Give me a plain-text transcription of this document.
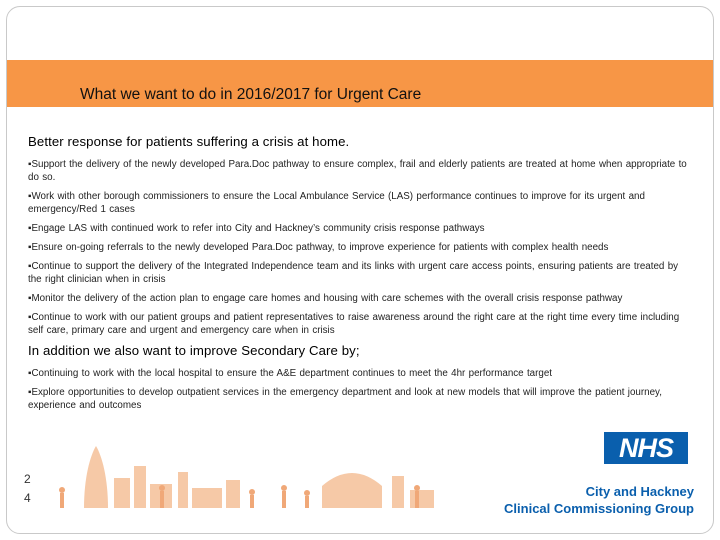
What we want to do in 2016/2017 for Urgent Care

Better response for patients suffering a crisis at home.

▪Support the delivery of the newly developed Para.Doc pathway to ensure complex, frail and elderly patients are treated at home when appropriate to do so.

▪Work with other borough commissioners to ensure the Local Ambulance Service (LAS) performance continues to improve for its urgent and emergency/Red 1 cases

▪Engage LAS with continued work to refer into City and Hackney’s community crisis response pathways

▪Ensure on-going referrals to the newly developed Para.Doc pathway, to improve experience for patients with complex health needs

▪Continue to support the delivery of the Integrated Independence team and its links with urgent care access points, ensuring patients are treated by the right clinician when in crisis

▪Monitor the delivery of the action plan to engage care homes and housing with care schemes with the overall crisis response pathway

▪Continue to work with our patient groups and patient representatives to raise awareness around the right care at the right time every time including self care, primary care and urgent and emergency care when in crisis

In addition we also want to improve Secondary Care by;

▪Continuing to work with the local hospital to ensure the A&E department continues to meet the 4hr performance target

▪Explore opportunities to develop outpatient services in the emergency department and look at new models that will improve the patient journey, experience and outcomes

2
4
NHS
City and Hackney
Clinical Commissioning Group
